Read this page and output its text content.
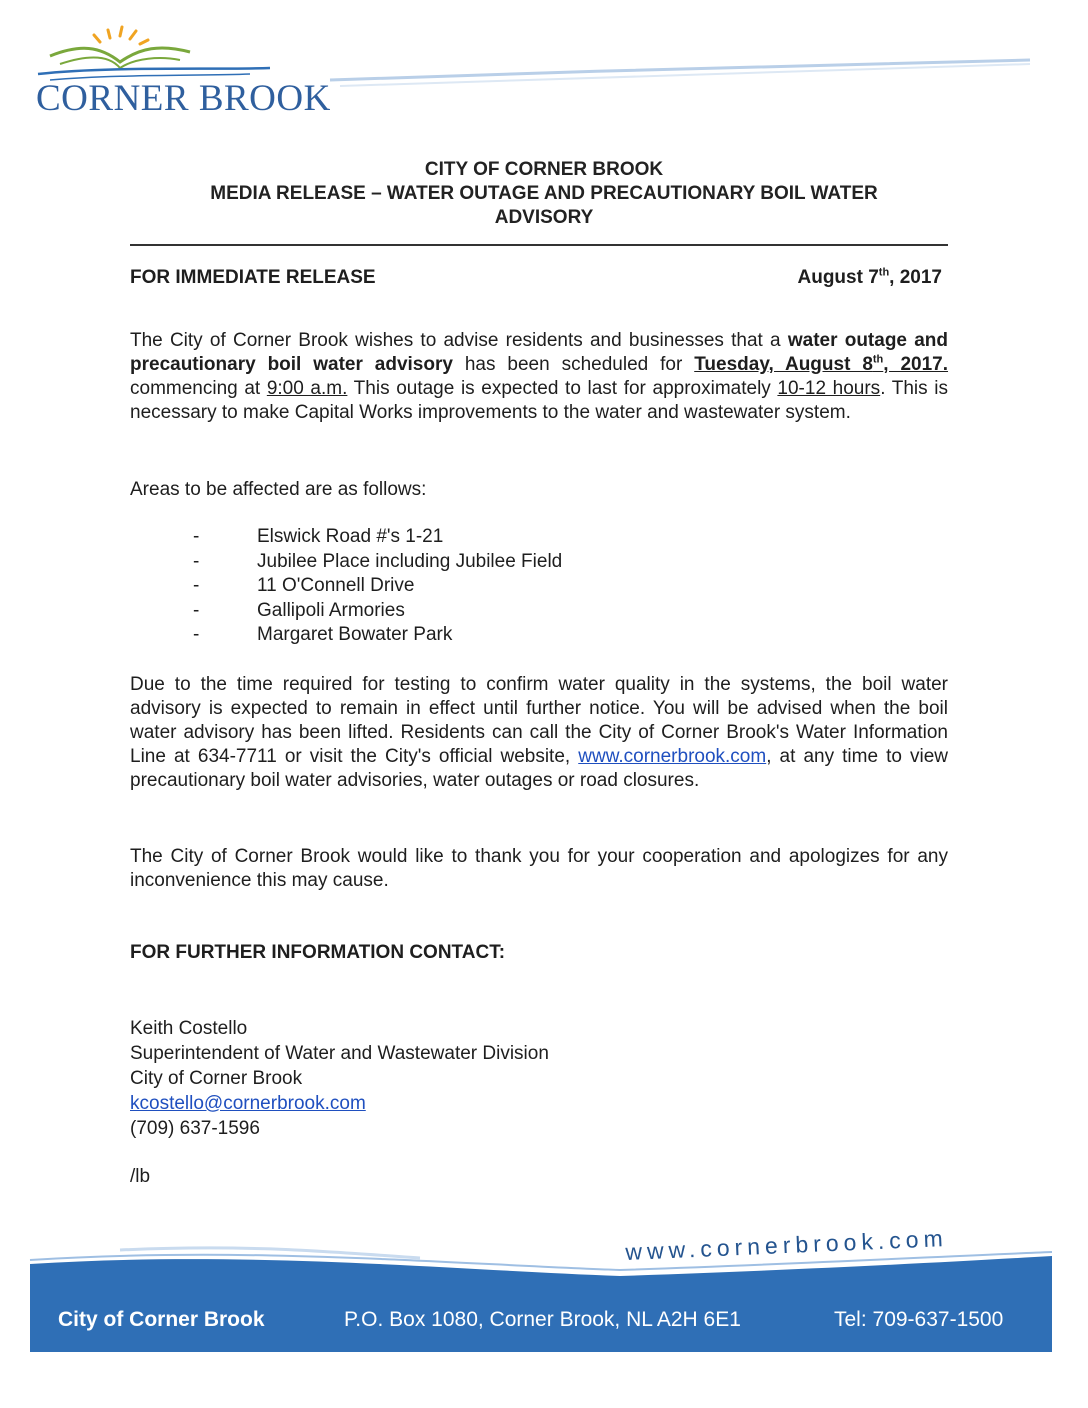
CORNER BROOK
CITY OF CORNER BROOK
MEDIA RELEASE – WATER OUTAGE AND PRECAUTIONARY BOIL WATER
ADVISORY
FOR IMMEDIATE RELEASE	August 7th, 2017
The City of Corner Brook wishes to advise residents and businesses that a water outage and precautionary boil water advisory has been scheduled for Tuesday, August 8th, 2017. commencing at 9:00 a.m. This outage is expected to last for approximately 10-12 hours. This is necessary to make Capital Works improvements to the water and wastewater system.
Areas to be affected are as follows:
-	Elswick Road #'s 1-21
-	Jubilee Place including Jubilee Field
-	11 O'Connell Drive
-	Gallipoli Armories
-	Margaret Bowater Park
Due to the time required for testing to confirm water quality in the systems, the boil water advisory is expected to remain in effect until further notice. You will be advised when the boil water advisory has been lifted. Residents can call the City of Corner Brook's Water Information Line at 634-7711 or visit the City's official website, www.cornerbrook.com, at any time to view precautionary boil water advisories, water outages or road closures.
The City of Corner Brook would like to thank you for your cooperation and apologizes for any inconvenience this may cause.
FOR FURTHER INFORMATION CONTACT:
Keith Costello
Superintendent of Water and Wastewater Division
City of Corner Brook
kcostello@cornerbrook.com
(709) 637-1596
/lb
www.cornerbrook.com
City of Corner Brook	P.O. Box 1080, Corner Brook, NL A2H 6E1	Tel: 709-637-1500
